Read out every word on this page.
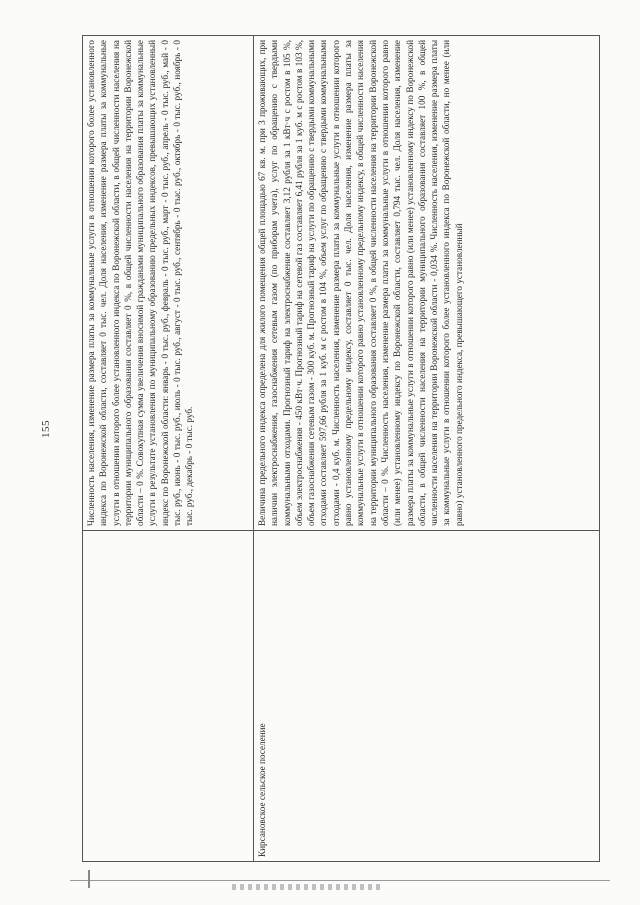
155
		Численность населения, изменение размера платы за коммунальные услуги в отношении которого более установленного индекса по Воронежской области, составляет 0 тыс. чел. Доля населения, изменение размера платы за коммунальные услуги в отношении которого более установленного индекса по Воронежской области, в общей численности населения на территории муниципального образования составляет 0 %, в общей численности населения на территории Воронежской области – 0 %. Совокупная сумма увеличения вносимой гражданами муниципального образования платы за коммунальные услуги в результате установления по муниципальному образованию предельных индексов, превышающих установленный индекс по Воронежской области: январь - 0 тыс. руб., февраль - 0 тыс. руб., март - 0 тыс. руб., апрель - 0 тыс. руб., май - 0 тыс. руб., июнь - 0 тыс. руб., июль - 0 тыс. руб., август - 0 тыс. руб., сентябрь - 0 тыс. руб., октябрь - 0 тыс. руб., ноябрь - 0 тыс. руб., декабрь - 0 тыс. руб.
Кирсановское сельское поселение	Величина предельного индекса определена для жилого помещения общей площадью 67 кв. м. при 3 проживающих, при наличии электроснабжения, газоснабжения сетевым газом (по приборам учета), услуг по обращению с твердыми коммунальными отходами. Прогнозный тариф на электроснабжение составляет 3,12 рубля за 1 кВт·ч с ростом в 105 %, объем электроснабжения - 450 кВт·ч. Прогнозный тариф на сетевой газ составляет 6,41 рубля за 1 куб. м с ростом в 103 %, объем газоснабжения сетевым газом - 300 куб. м. Прогнозный тариф на услуги по обращению с твердыми коммунальными отходами составляет 597,66 рубля за 1 куб. м с ростом в 104 %, объем услуг по обращению с твердыми коммунальными отходами - 0,4 куб. м. Численность населения, изменение размера платы за коммунальные услуги в отношении которого равно установленному предельному индексу, составляет 0 тыс. чел. Доля населения, изменение размера платы за коммунальные услуги в отношении которого равно установленному предельному индексу, в общей численности населения на территории муниципального образования составляет 0 %, в общей численности населения на территории Воронежской области – 0 %. Численность населения, изменение размера платы за коммунальные услуги в отношении которого равно (или менее) установленному индексу по Воронежской области, составляет 0,794 тыс. чел. Доля населения, изменение размера платы за коммунальные услуги в отношении которого равно (или менее) установленному индексу по Воронежской области, в общей численности населения на территории муниципального образования составляет 100 %, в общей численности населения на территории Воронежской области - 0,034 %. Численность населения, изменение размера платы за коммунальные услуги в отношении которого более установленного индекса по Воронежской области, но менее (или равно) установленного предельного индекса, превышающего установленный
